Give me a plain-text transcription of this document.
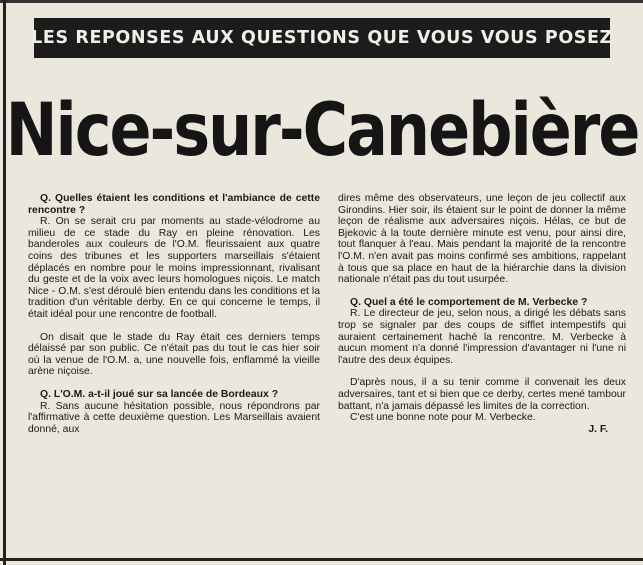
LES REPONSES AUX QUESTIONS QUE VOUS VOUS POSEZ
Nice-sur-Canebière

Q. Quelles étaient les conditions et l'ambiance de cette rencontre ?

R. On se serait cru par moments au stade-vélodrome au milieu de ce stade du Ray en pleine rénovation. Les banderoles aux couleurs de l'O.M. fleurissaient aux quatre coins des tribunes et les supporters marseillais s'étaient déplacés en nombre pour le moins impressionnant, rivalisant du geste et de la voix avec leurs homologues niçois. Le match Nice - O.M. s'est déroulé bien entendu dans les conditions et la tradition d'un véritable derby. En ce qui concerne le temps, il était idéal pour une rencontre de football.

On disait que le stade du Ray était ces derniers temps délaissé par son public. Ce n'était pas du tout le cas hier soir où la venue de l'O.M. a, une nouvelle fois, enflammé la vieille arène niçoise.

Q. L'O.M. a-t-il joué sur sa lancée de Bordeaux ?

R. Sans aucune hésitation possible, nous répondrons par l'affirmative à cette deuxième question. Les Marseillais avaient donné, aux

dires même des observateurs, une leçon de jeu collectif aux Girondins. Hier soir, ils étaient sur le point de donner la même leçon de réalisme aux adversaires niçois. Hélas, ce but de Bjekovic à la toute dernière minute est venu, pour ainsi dire, tout flanquer à l'eau. Mais pendant la majorité de la rencontre l'O.M. n'en avait pas moins confirmé ses ambitions, rappelant à tous que sa place en haut de la hiérarchie dans la division nationale n'était pas du tout usurpée.

Q. Quel a été le comportement de M. Verbecke ?

R. Le directeur de jeu, selon nous, a dirigé les débats sans trop se signaler par des coups de sifflet intempestifs qui auraient certainement haché la rencontre. M. Verbecke à aucun moment n'a donné l'impression d'avantager ni l'une ni l'autre des deux équipes.

D'après nous, il a su tenir comme il convenait les deux adversaires, tant et si bien que ce derby, certes mené tambour battant, n'a jamais dépassé les limites de la correction.

C'est une bonne note pour M. Verbecke.

J. F.
